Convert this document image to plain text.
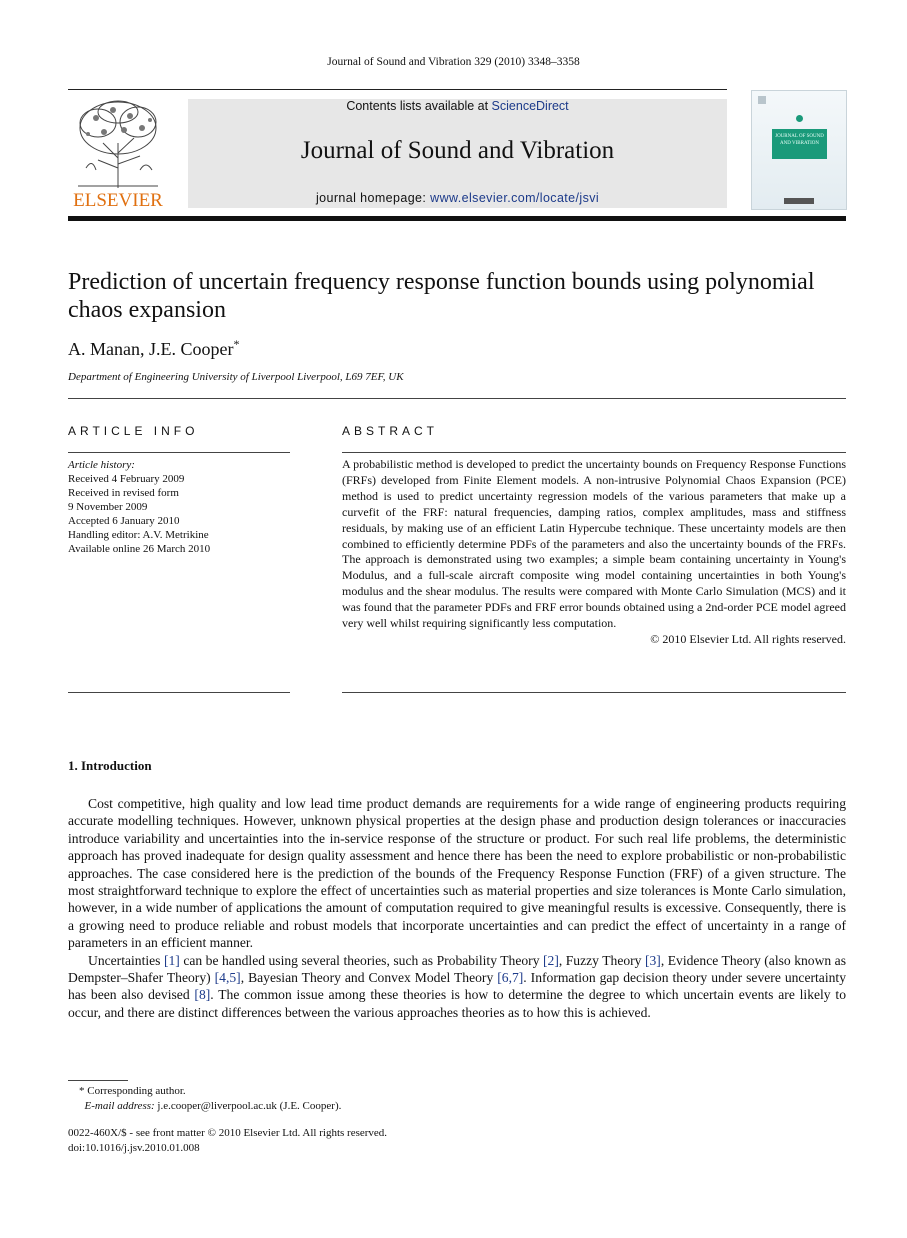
Journal of Sound and Vibration 329 (2010) 3348–3358
ELSEVIER
Contents lists available at ScienceDirect
Journal of Sound and Vibration
journal homepage: www.elsevier.com/locate/jsvi
JOURNAL OF SOUND AND VIBRATION
Prediction of uncertain frequency response function bounds using polynomial chaos expansion
A. Manan, J.E. Cooper*
Department of Engineering University of Liverpool Liverpool, L69 7EF, UK
ARTICLE INFO	ABSTRACT
Article history:
Received 4 February 2009
Received in revised form
9 November 2009
Accepted 6 January 2010
Handling editor: A.V. Metrikine
Available online 26 March 2010
A probabilistic method is developed to predict the uncertainty bounds on Frequency Response Functions (FRFs) developed from Finite Element models. A non-intrusive Polynomial Chaos Expansion (PCE) method is used to predict uncertainty regression models of the various parameters that make up a curvefit of the FRF: natural frequencies, damping ratios, complex amplitudes, mass and stiffness residuals, by making use of an efficient Latin Hypercube technique. These uncertainty models are then combined to efficiently determine PDFs of the parameters and also the uncertainty bounds of the FRFs. The approach is demonstrated using two examples; a simple beam containing uncertainty in Young's Modulus, and a full-scale aircraft composite wing model containing uncertainties in both Young's modulus and the shear modulus. The results were compared with Monte Carlo Simulation (MCS) and it was found that the parameter PDFs and FRF error bounds obtained using a 2nd-order PCE model agreed very well whilst requiring significantly less computation.
© 2010 Elsevier Ltd. All rights reserved.
1. Introduction

Cost competitive, high quality and low lead time product demands are requirements for a wide range of engineering products requiring accurate modelling techniques. However, unknown physical properties at the design phase and production design tolerances or inaccuracies introduce variability and uncertainties into the in-service response of the structure or product. For such real life problems, the deterministic approach has proved inadequate for design quality assessment and hence there has been the need to explore probabilistic or non-probabilistic approaches. The case considered here is the prediction of the bounds of the Frequency Response Function (FRF) of a given structure. The most straightforward technique to explore the effect of uncertainties such as material properties and size tolerances is Monte Carlo simulation, however, in a wide number of applications the amount of computation required to give meaningful results is excessive. Consequently, there is a growing need to produce reliable and robust models that incorporate uncertainties and can predict the effect of uncertainty in a range of parameters in an efficient manner.

Uncertainties [1] can be handled using several theories, such as Probability Theory [2], Fuzzy Theory [3], Evidence Theory (also known as Dempster–Shafer Theory) [4,5], Bayesian Theory and Convex Model Theory [6,7]. Information gap decision theory under severe uncertainty has been also devised [8]. The common issue among these theories is how to determine the degree to which uncertain events are likely to occur, and there are distinct differences between the various approaches theories as to how this is achieved.

* Corresponding author.
E-mail address: j.e.cooper@liverpool.ac.uk (J.E. Cooper).
0022-460X/$ - see front matter © 2010 Elsevier Ltd. All rights reserved.
doi:10.1016/j.jsv.2010.01.008
